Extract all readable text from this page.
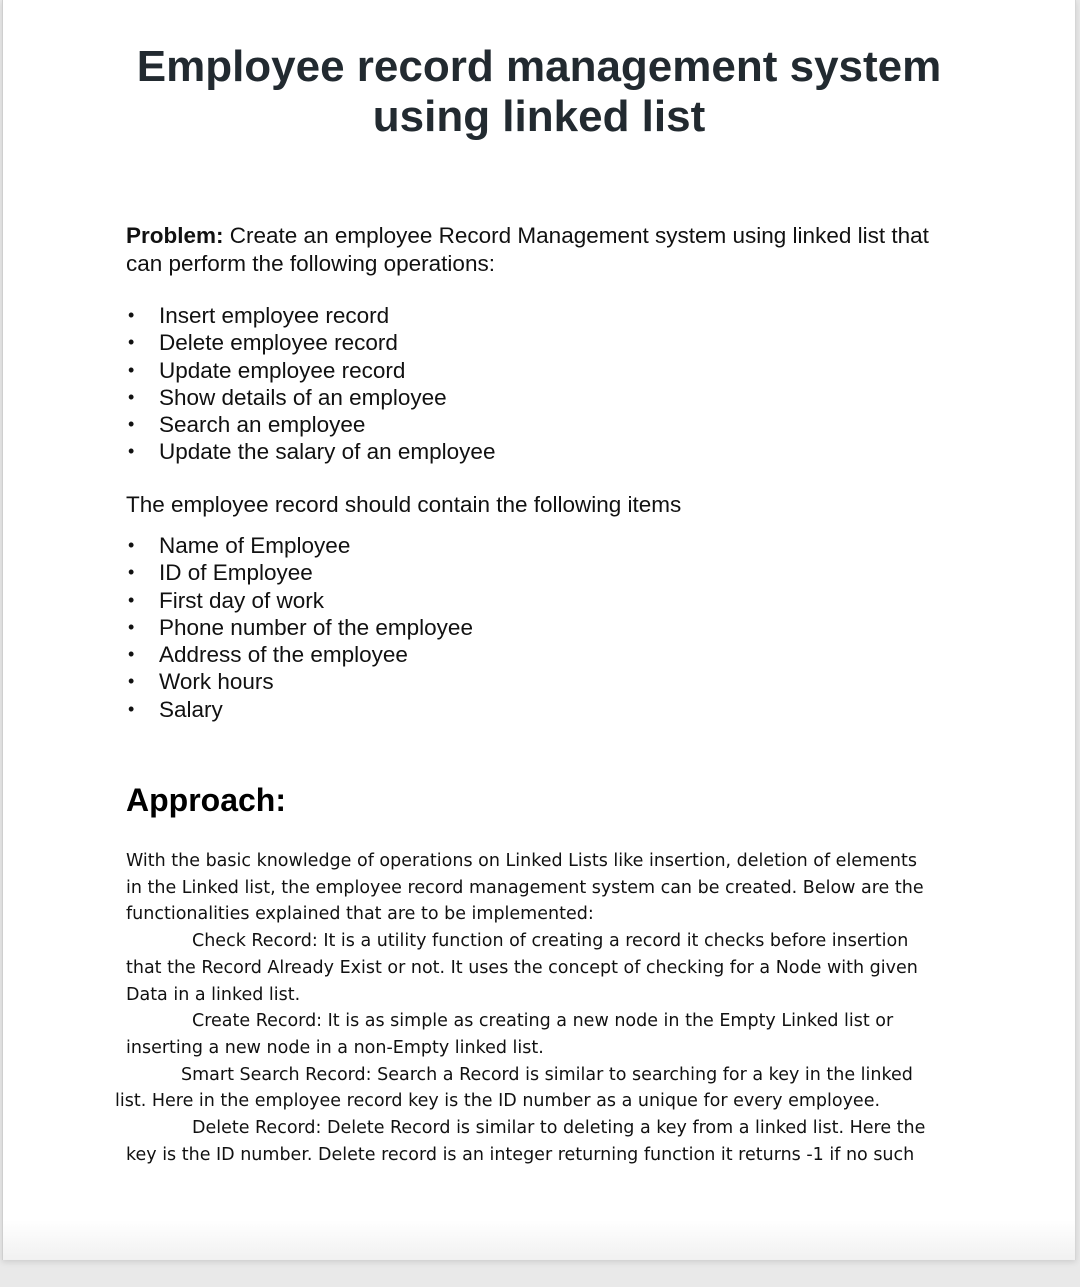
Employee record management system
using linked list

Problem: Create an employee Record Management system using linked list that can perform the following operations:

• Insert employee record
• Delete employee record
• Update employee record
• Show details of an employee
• Search an employee
• Update the salary of an employee

The employee record should contain the following items

• Name of Employee
• ID of Employee
• First day of work
• Phone number of the employee
• Address of the employee
• Work hours
• Salary
Approach:

With the basic knowledge of operations on Linked Lists like insertion, deletion of elements in the Linked list, the employee record management system can be created. Below are the functionalities explained that are to be implemented:

Check Record: It is a utility function of creating a record it checks before insertion that the Record Already Exist or not. It uses the concept of checking for a Node with given Data in a linked list.

Create Record: It is as simple as creating a new node in the Empty Linked list or inserting a new node in a non-Empty linked list.

Smart Search Record: Search a Record is similar to searching for a key in the linked list. Here in the employee record key is the ID number as a unique for every employee.

Delete Record: Delete Record is similar to deleting a key from a linked list. Here the key is the ID number. Delete record is an integer returning function it returns -1 if no such
